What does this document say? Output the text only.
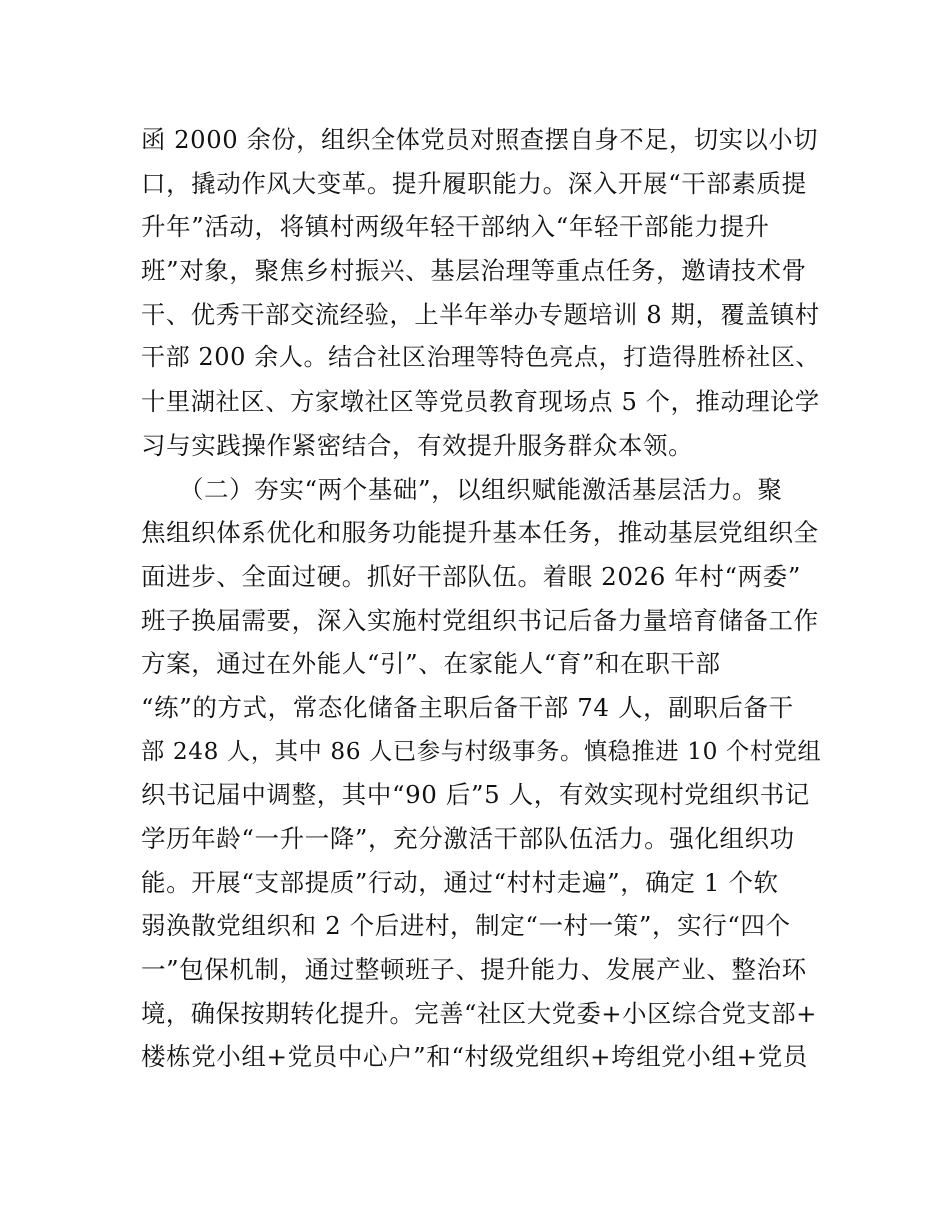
函 2000 余份，组织全体党员对照查摆自身不足，切实以小切
口，撬动作风大变革。提升履职能力。深入开展“干部素质提
升年”活动，将镇村两级年轻干部纳入“年轻干部能力提升
班”对象，聚焦乡村振兴、基层治理等重点任务，邀请技术骨
干、优秀干部交流经验，上半年举办专题培训 8 期，覆盖镇村
干部 200 余人。结合社区治理等特色亮点，打造得胜桥社区、
十里湖社区、方家墩社区等党员教育现场点 5 个，推动理论学
习与实践操作紧密结合，有效提升服务群众本领。
　　（二）夯实“两个基础”，以组织赋能激活基层活力。聚
焦组织体系优化和服务功能提升基本任务，推动基层党组织全
面进步、全面过硬。抓好干部队伍。着眼 2026 年村“两委”
班子换届需要，深入实施村党组织书记后备力量培育储备工作
方案，通过在外能人“引”、在家能人“育”和在职干部
“练”的方式，常态化储备主职后备干部 74 人，副职后备干
部 248 人，其中 86 人已参与村级事务。慎稳推进 10 个村党组
织书记届中调整，其中“90 后”5 人，有效实现村党组织书记
学历年龄“一升一降”，充分激活干部队伍活力。强化组织功
能。开展“支部提质”行动，通过“村村走遍”，确定 1 个软
弱涣散党组织和 2 个后进村，制定“一村一策”，实行“四个
一”包保机制，通过整顿班子、提升能力、发展产业、整治环
境，确保按期转化提升。完善“社区大党委+小区综合党支部+
楼栋党小组+党员中心户”和“村级党组织+垮组党小组+党员
